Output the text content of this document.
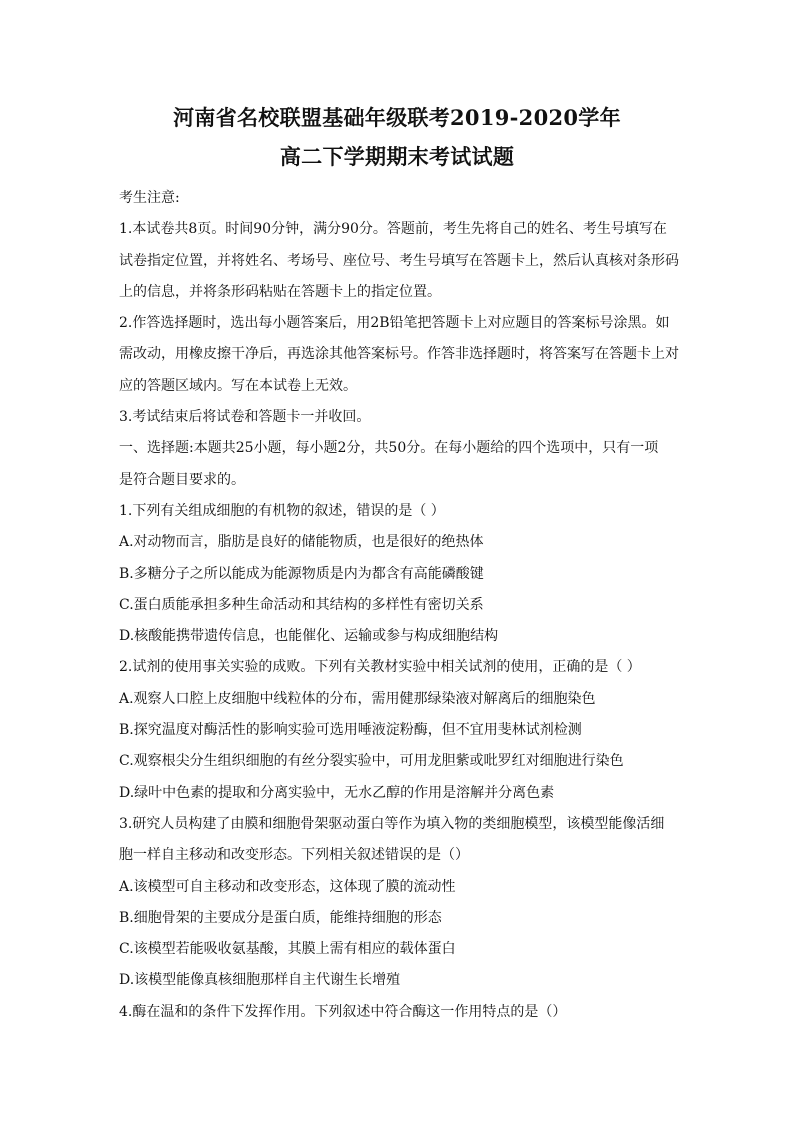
河南省名校联盟基础年级联考2019-2020学年
高二下学期期末考试试题
考生注意:
1.本试卷共8页。时间90分钟，满分90分。答题前，考生先将自己的姓名、考生号填写在
试卷指定位置，并将姓名、考场号、座位号、考生号填写在答题卡上，然后认真核对条形码
上的信息，并将条形码粘贴在答题卡上的指定位置。
2.作答选择题时，选出每小题答案后，用2B铅笔把答题卡上对应题目的答案标号涂黑。如
需改动，用橡皮擦干净后，再选涂其他答案标号。作答非选择题时，将答案写在答题卡上对
应的答题区域内。写在本试卷上无效。
3.考试结束后将试卷和答题卡一并收回。
一、选择题:本题共25小题，每小题2分，共50分。在每小题给的四个选项中，只有一项
是符合题目要求的。
1.下列有关组成细胞的有机物的叙述，错误的是（ ）
A.对动物而言，脂肪是良好的储能物质，也是很好的绝热体
B.多糖分子之所以能成为能源物质是内为都含有高能磷酸键
C.蛋白质能承担多种生命活动和其结构的多样性有密切关系
D.核酸能携带遗传信息，也能催化、运输或参与构成细胞结构
2.试剂的使用事关实验的成败。下列有关教材实验中相关试剂的使用，正确的是（ ）
A.观察人口腔上皮细胞中线粒体的分布，需用健那绿染液对解离后的细胞染色
B.探究温度对酶活性的影响实验可选用唾液淀粉酶，但不宜用斐林试剂检测
C.观察根尖分生组织细胞的有丝分裂实验中，可用龙胆紫或吡罗红对细胞进行染色
D.绿叶中色素的提取和分离实验中，无水乙醇的作用是溶解并分离色素
3.研究人员构建了由膜和细胞骨架驱动蛋白等作为填入物的类细胞模型，该模型能像活细
胞一样自主移动和改变形态。下列相关叙述错误的是（）
A.该模型可自主移动和改变形态，这体现了膜的流动性
B.细胞骨架的主要成分是蛋白质，能维持细胞的形态
C.该模型若能吸收氨基酸，其膜上需有相应的载体蛋白
D.该模型能像真核细胞那样自主代谢生长增殖
4.酶在温和的条件下发挥作用。下列叙述中符合酶这一作用特点的是（）
